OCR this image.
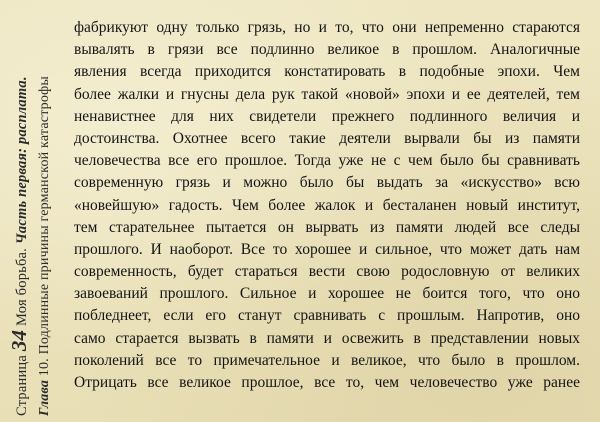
Страница 34 Моя борьба. Часть первая: расплата.
Глава 10. Подлинные причины германской катастрофы
фабрикуют одну только грязь, но и то, что они непременно стараются
вывалять в грязи все подлинно великое в прошлом. Аналогичные
явления всегда приходится констатировать в подобные эпохи. Чем
более жалки и гнусны дела рук такой «новой» эпохи и ее деятелей, тем
ненавистнее для них свидетели прежнего подлинного величия и
достоинства. Охотнее всего такие деятели вырвали бы из памяти
человечества все его прошлое. Тогда уже не с чем было бы сравнивать
современную грязь и можно было бы выдать за «искусство» всю
«новейшую» гадость. Чем более жалок и бесталанен новый институт,
тем старательнее пытается он вырвать из памяти людей все следы
прошлого. И наоборот. Все то хорошее и сильное, что может дать нам
современность, будет стараться вести свою родословную от великих
завоеваний прошлого. Сильное и хорошее не боится того, что оно
побледнеет, если его станут сравнивать с прошлым. Напротив, оно
само старается вызвать в памяти и освежить в представлении новых
поколений все то примечательное и великое, что было в прошлом.
Отрицать все великое прошлое, все то, чем человечество уже ранее
